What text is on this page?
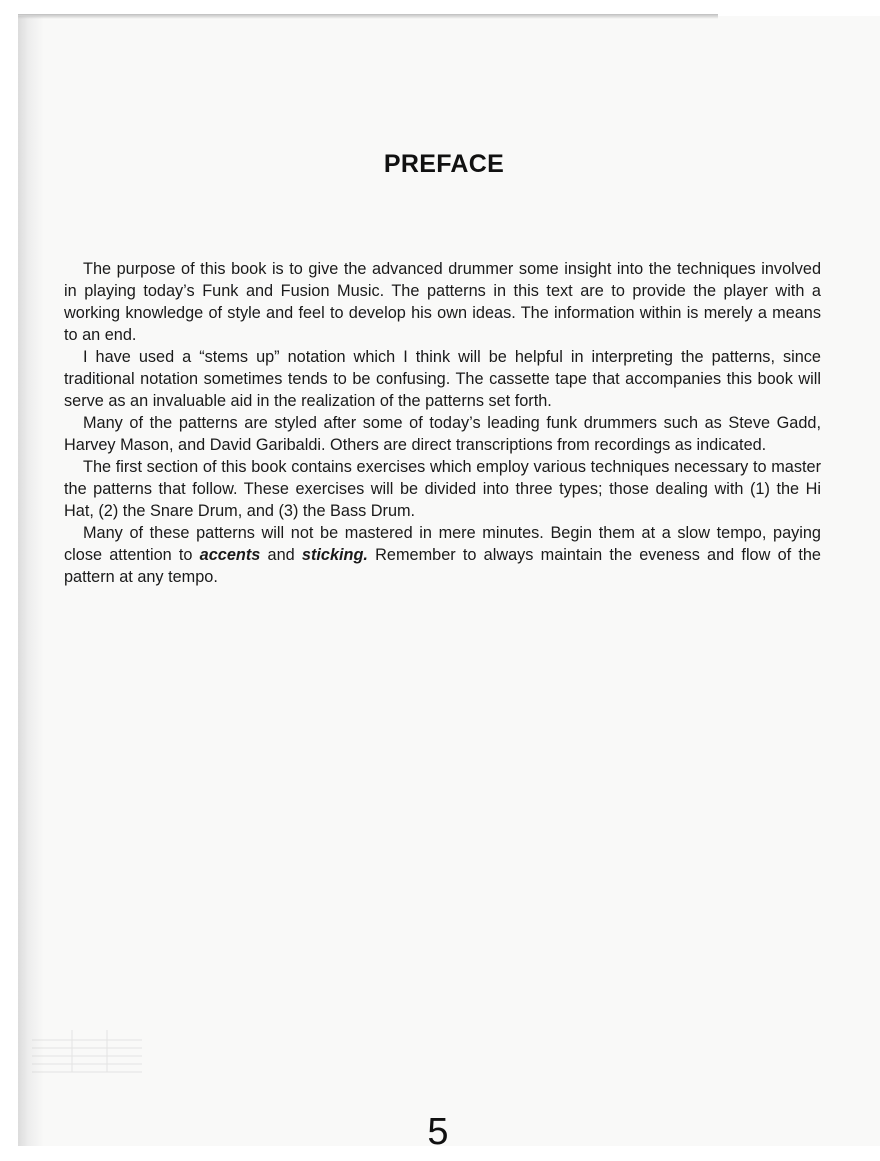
PREFACE

The purpose of this book is to give the advanced drummer some insight into the techniques involved in playing today’s Funk and Fusion Music. The patterns in this text are to provide the player with a working knowledge of style and feel to develop his own ideas. The information within is merely a means to an end.

I have used a “stems up” notation which I think will be helpful in interpreting the patterns, since traditional notation sometimes tends to be confusing. The cassette tape that accompanies this book will serve as an invaluable aid in the realization of the patterns set forth.

Many of the patterns are styled after some of today’s leading funk drummers such as Steve Gadd, Harvey Mason, and David Garibaldi. Others are direct transcriptions from recordings as indicated.

The first section of this book contains exercises which employ various techniques necessary to master the patterns that follow. These exercises will be divided into three types; those dealing with (1) the Hi Hat, (2) the Snare Drum, and (3) the Bass Drum.

Many of these patterns will not be mastered in mere minutes. Begin them at a slow tempo, paying close attention to accents and sticking. Remember to always maintain the eveness and flow of the pattern at any tempo.

5
